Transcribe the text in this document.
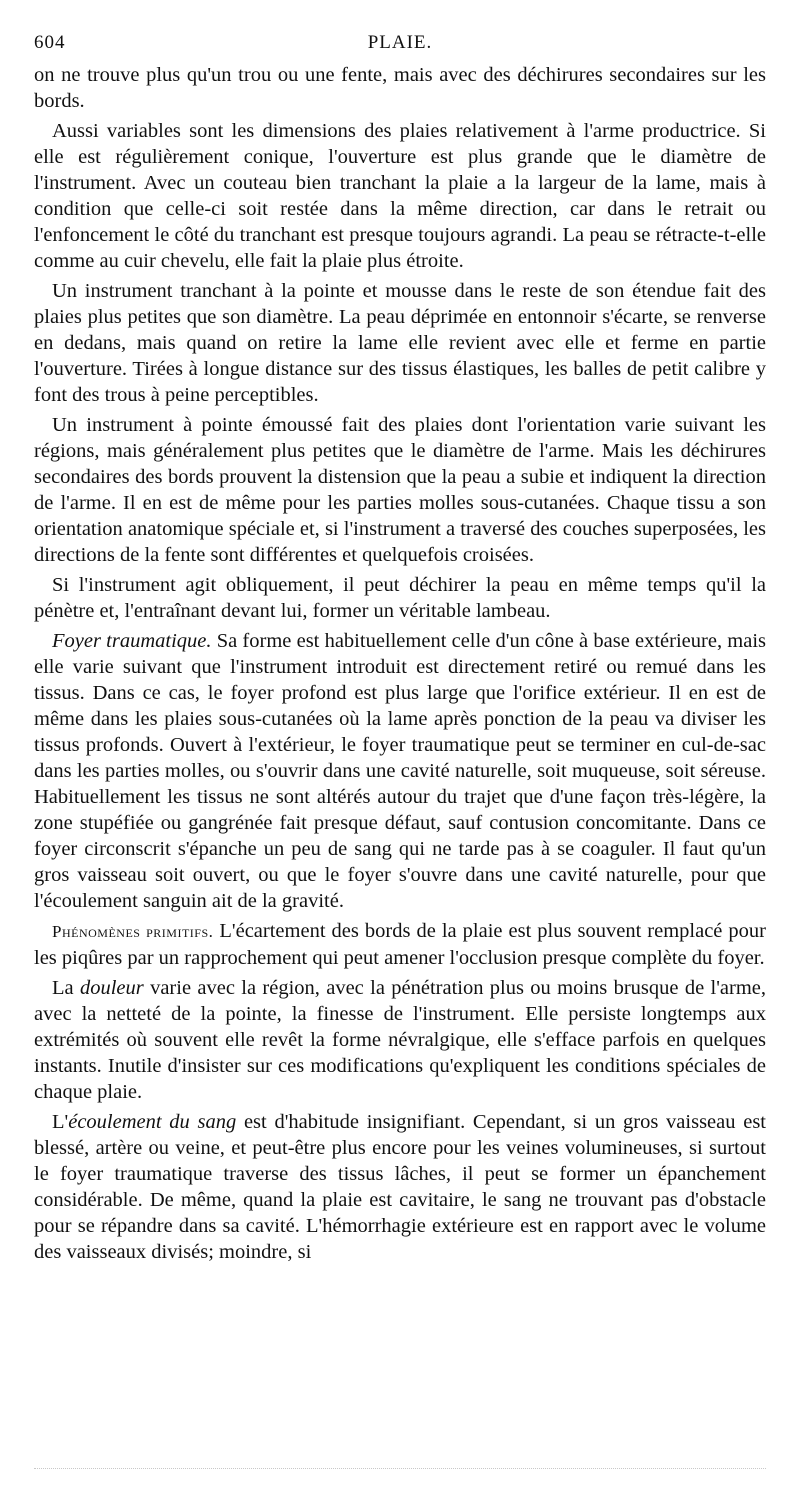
604	PLAIE.

on ne trouve plus qu'un trou ou une fente, mais avec des déchirures secondaires sur les bords.

Aussi variables sont les dimensions des plaies relativement à l'arme productrice. Si elle est régulièrement conique, l'ouverture est plus grande que le diamètre de l'instrument. Avec un couteau bien tranchant la plaie a la largeur de la lame, mais à condition que celle-ci soit restée dans la même direction, car dans le retrait ou l'enfoncement le côté du tranchant est presque toujours agrandi. La peau se rétracte-t-elle comme au cuir chevelu, elle fait la plaie plus étroite.

Un instrument tranchant à la pointe et mousse dans le reste de son étendue fait des plaies plus petites que son diamètre. La peau déprimée en entonnoir s'écarte, se renverse en dedans, mais quand on retire la lame elle revient avec elle et ferme en partie l'ouverture. Tirées à longue distance sur des tissus élastiques, les balles de petit calibre y font des trous à peine perceptibles.

Un instrument à pointe émoussé fait des plaies dont l'orientation varie suivant les régions, mais généralement plus petites que le diamètre de l'arme. Mais les déchirures secondaires des bords prouvent la distension que la peau a subie et indiquent la direction de l'arme. Il en est de même pour les parties molles sous-cutanées. Chaque tissu a son orientation anatomique spéciale et, si l'instrument a traversé des couches superposées, les directions de la fente sont différentes et quelquefois croisées.

Si l'instrument agit obliquement, il peut déchirer la peau en même temps qu'il la pénètre et, l'entraînant devant lui, former un véritable lambeau.

Foyer traumatique. Sa forme est habituellement celle d'un cône à base extérieure, mais elle varie suivant que l'instrument introduit est directement retiré ou remué dans les tissus. Dans ce cas, le foyer profond est plus large que l'orifice extérieur. Il en est de même dans les plaies sous-cutanées où la lame après ponction de la peau va diviser les tissus profonds. Ouvert à l'extérieur, le foyer traumatique peut se terminer en cul-de-sac dans les parties molles, ou s'ouvrir dans une cavité naturelle, soit muqueuse, soit séreuse. Habituellement les tissus ne sont altérés autour du trajet que d'une façon très-légère, la zone stupéfiée ou gangrénée fait presque défaut, sauf contusion concomitante. Dans ce foyer circonscrit s'épanche un peu de sang qui ne tarde pas à se coaguler. Il faut qu'un gros vaisseau soit ouvert, ou que le foyer s'ouvre dans une cavité naturelle, pour que l'écoulement sanguin ait de la gravité.

Phénomènes primitifs. L'écartement des bords de la plaie est plus souvent remplacé pour les piqûres par un rapprochement qui peut amener l'occlusion presque complète du foyer.

La douleur varie avec la région, avec la pénétration plus ou moins brusque de l'arme, avec la netteté de la pointe, la finesse de l'instrument. Elle persiste longtemps aux extrémités où souvent elle revêt la forme névralgique, elle s'efface parfois en quelques instants. Inutile d'insister sur ces modifications qu'expliquent les conditions spéciales de chaque plaie.

L'écoulement du sang est d'habitude insignifiant. Cependant, si un gros vaisseau est blessé, artère ou veine, et peut-être plus encore pour les veines volumineuses, si surtout le foyer traumatique traverse des tissus lâches, il peut se former un épanchement considérable. De même, quand la plaie est cavitaire, le sang ne trouvant pas d'obstacle pour se répandre dans sa cavité. L'hémorrhagie extérieure est en rapport avec le volume des vaisseaux divisés; moindre, si
